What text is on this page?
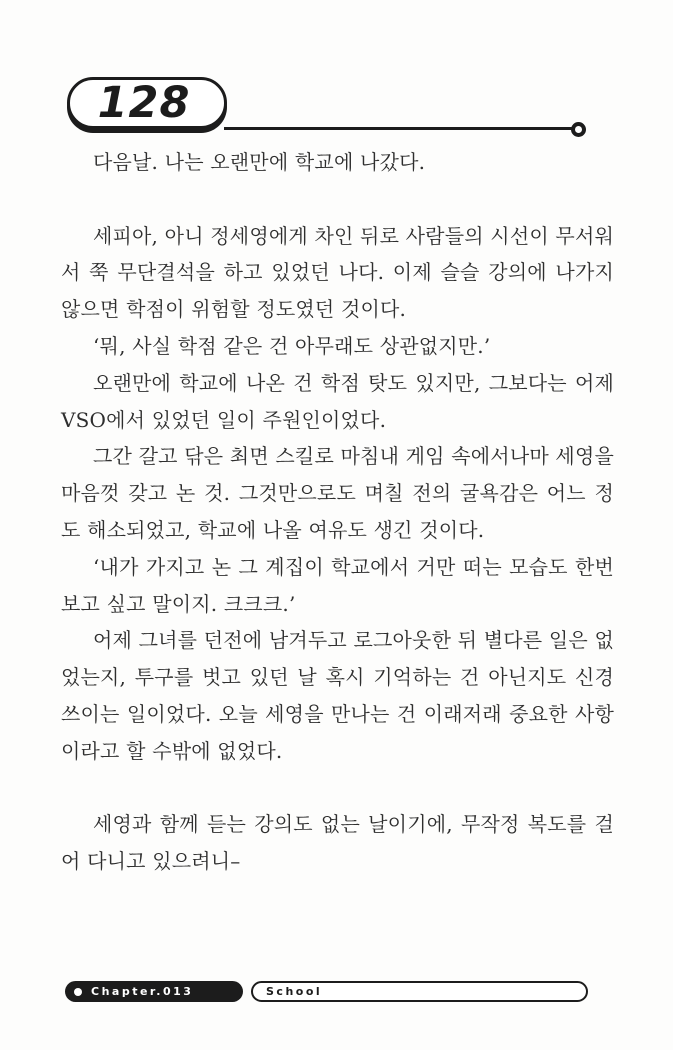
128

다음날. 나는 오랜만에 학교에 나갔다.

세피아, 아니 정세영에게 차인 뒤로 사람들의 시선이 무서워서 쭉 무단결석을 하고 있었던 나다. 이제 슬슬 강의에 나가지 않으면 학점이 위험할 정도였던 것이다.

‘뭐, 사실 학점 같은 건 아무래도 상관없지만.’

오랜만에 학교에 나온 건 학점 탓도 있지만, 그보다는 어제 VSO에서 있었던 일이 주원인이었다.

그간 갈고 닦은 최면 스킬로 마침내 게임 속에서나마 세영을 마음껏 갖고 논 것. 그것만으로도 며칠 전의 굴욕감은 어느 정도 해소되었고, 학교에 나올 여유도 생긴 것이다.

‘내가 가지고 논 그 계집이 학교에서 거만 떠는 모습도 한번 보고 싶고 말이지. 크크크.’

어제 그녀를 던전에 남겨두고 로그아웃한 뒤 별다른 일은 없었는지, 투구를 벗고 있던 날 혹시 기억하는 건 아닌지도 신경 쓰이는 일이었다. 오늘 세영을 만나는 건 이래저래 중요한 사항이라고 할 수밖에 없었다.

세영과 함께 듣는 강의도 없는 날이기에, 무작정 복도를 걸어 다니고 있으려니–

Chapter.013	School
